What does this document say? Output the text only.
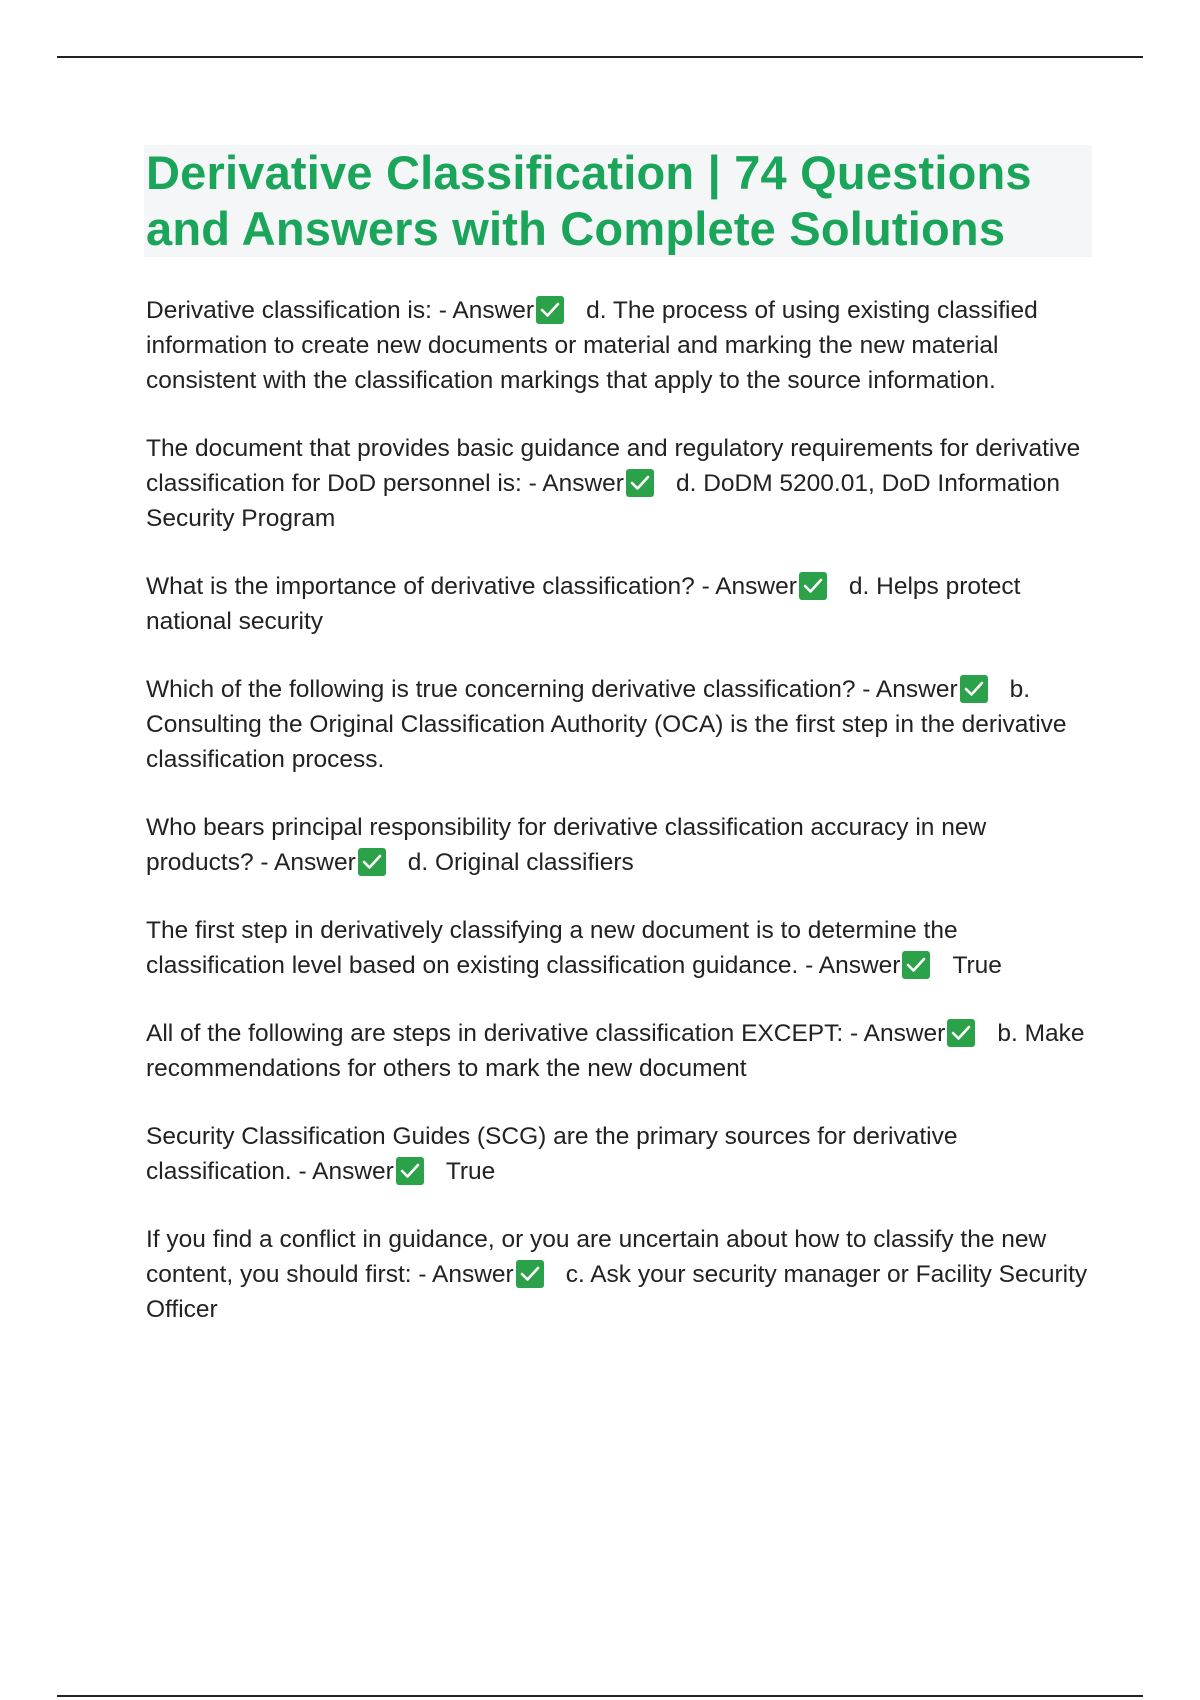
Derivative Classification | 74 Questions
and Answers with Complete Solutions

Derivative classification is: - Answer d. The process of using existing classified information to create new documents or material and marking the new material consistent with the classification markings that apply to the source information.

The document that provides basic guidance and regulatory requirements for derivative classification for DoD personnel is: - Answer d. DoDM 5200.01, DoD Information Security Program

What is the importance of derivative classification? - Answer d. Helps protect national security

Which of the following is true concerning derivative classification? - Answer b. Consulting the Original Classification Authority (OCA) is the first step in the derivative classification process.

Who bears principal responsibility for derivative classification accuracy in new products? - Answer d. Original classifiers

The first step in derivatively classifying a new document is to determine the classification level based on existing classification guidance. - Answer True

All of the following are steps in derivative classification EXCEPT: - Answer b. Make recommendations for others to mark the new document

Security Classification Guides (SCG) are the primary sources for derivative classification. - Answer True

If you find a conflict in guidance, or you are uncertain about how to classify the new content, you should first: - Answer c. Ask your security manager or Facility Security Officer
